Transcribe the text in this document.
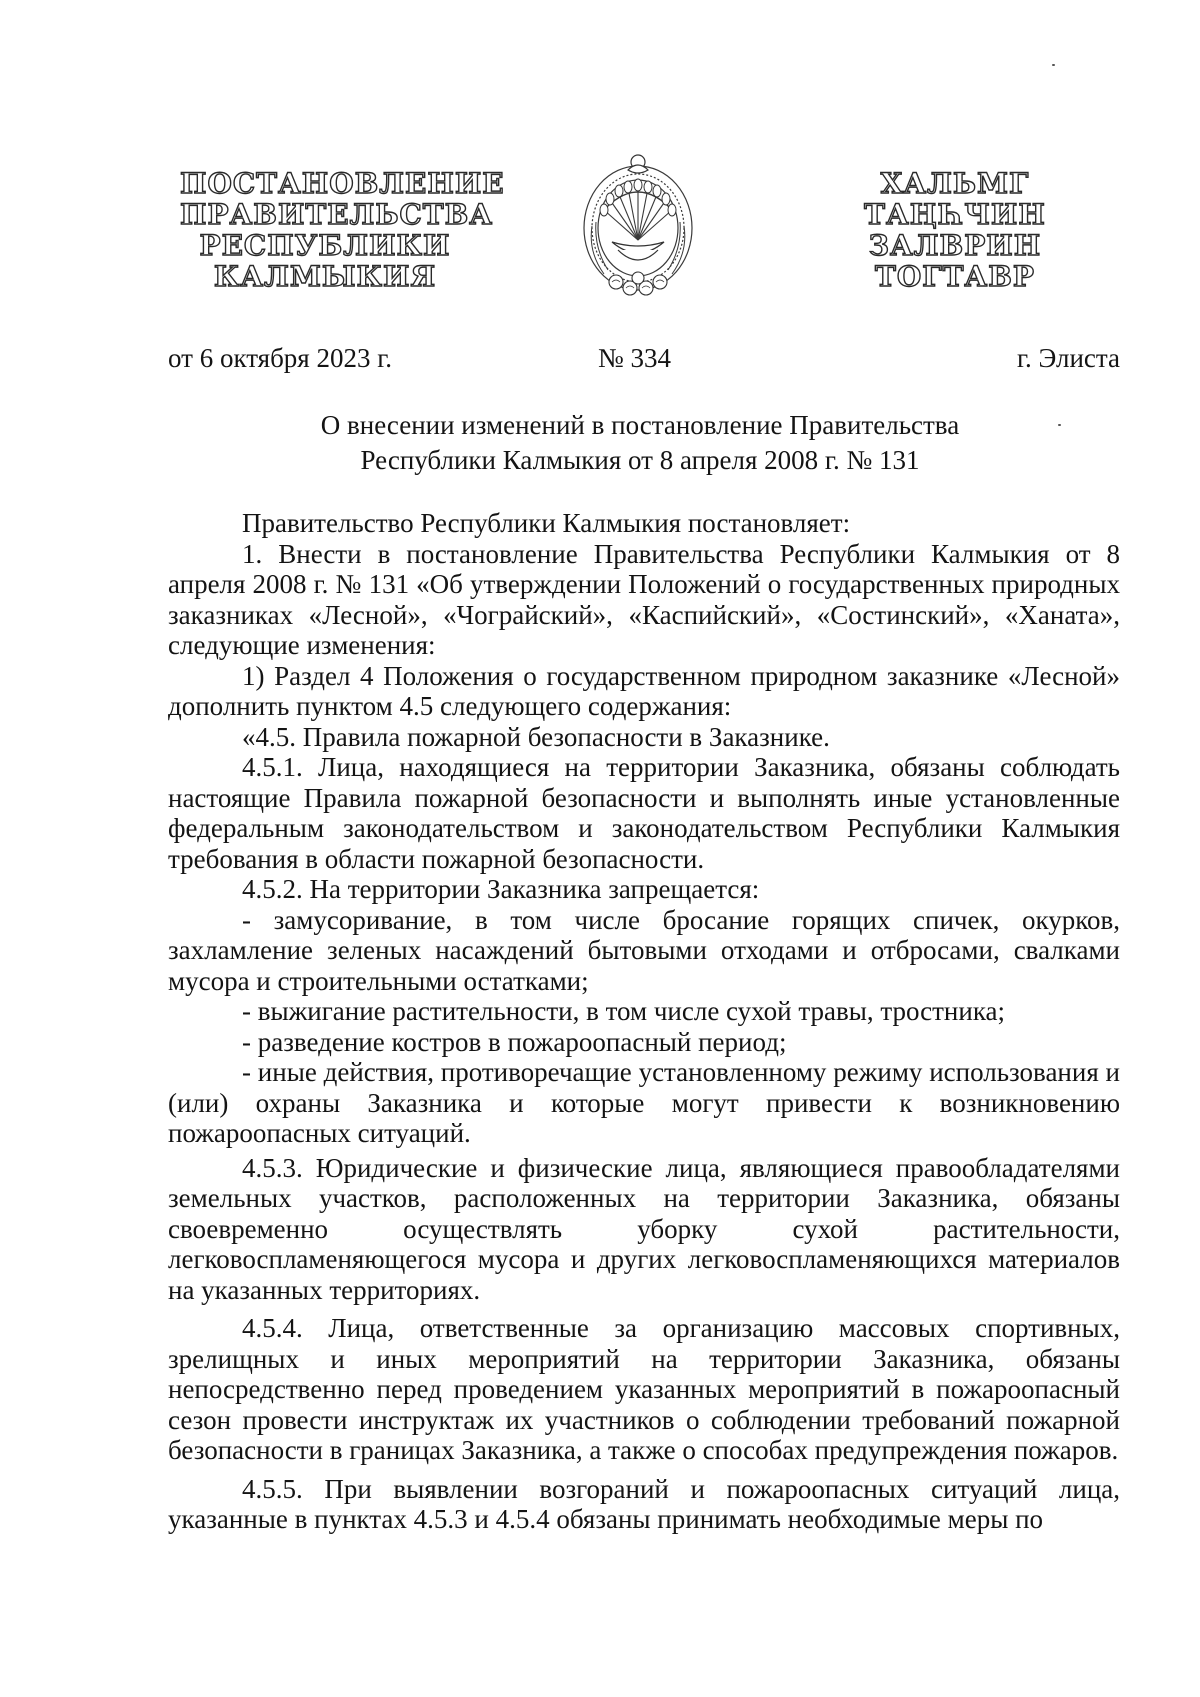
ПОСТАНОВЛЕНИЕ
ПРАВИТЕЛЬСТВА
РЕСПУБЛИКИ
КАЛМЫКИЯ
ХАЛЬМГ
ТАҢҺЧИН
ЗАЛВРИН
ТОГТАВР
от 6 октября 2023 г.	№ 334	г. Элиста
О внесении изменений в постановление Правительства
Республики Калмыкия от 8 апреля 2008 г. № 131

Правительство Республики Калмыкия постановляет:

1. Внести в постановление Правительства Республики Калмыкия от 8 апреля 2008 г. № 131 «Об утверждении Положений о государственных природных заказниках «Лесной», «Чограйский», «Каспийский», «Состинский», «Ханата», следующие изменения:

1) Раздел 4 Положения о государственном природном заказнике «Лесной» дополнить пунктом 4.5 следующего содержания:

«4.5. Правила пожарной безопасности в Заказнике.

4.5.1. Лица, находящиеся на территории Заказника, обязаны соблюдать настоящие Правила пожарной безопасности и выполнять иные установленные федеральным законодательством и законодательством Республики Калмыкия требования в области пожарной безопасности.

4.5.2. На территории Заказника запрещается:

- замусоривание, в том числе бросание горящих спичек, окурков, захламление зеленых насаждений бытовыми отходами и отбросами, свалками мусора и строительными остатками;

- выжигание растительности, в том числе сухой травы, тростника;

- разведение костров в пожароопасный период;

- иные действия, противоречащие установленному режиму использования и (или) охраны Заказника и которые могут привести к возникновению пожароопасных ситуаций.

4.5.3. Юридические и физические лица, являющиеся правообладателями земельных участков, расположенных на территории Заказника, обязаны своевременно осуществлять уборку сухой растительности, легковоспламеняющегося мусора и других легковоспламеняющихся материалов на указанных территориях.

4.5.4. Лица, ответственные за организацию массовых спортивных, зрелищных и иных мероприятий на территории Заказника, обязаны непосредственно перед проведением указанных мероприятий в пожароопасный сезон провести инструктаж их участников о соблюдении требований пожарной безопасности в границах Заказника, а также о способах предупреждения пожаров.

4.5.5. При выявлении возгораний и пожароопасных ситуаций лица, указанные в пунктах 4.5.3 и 4.5.4 обязаны принимать необходимые меры по
